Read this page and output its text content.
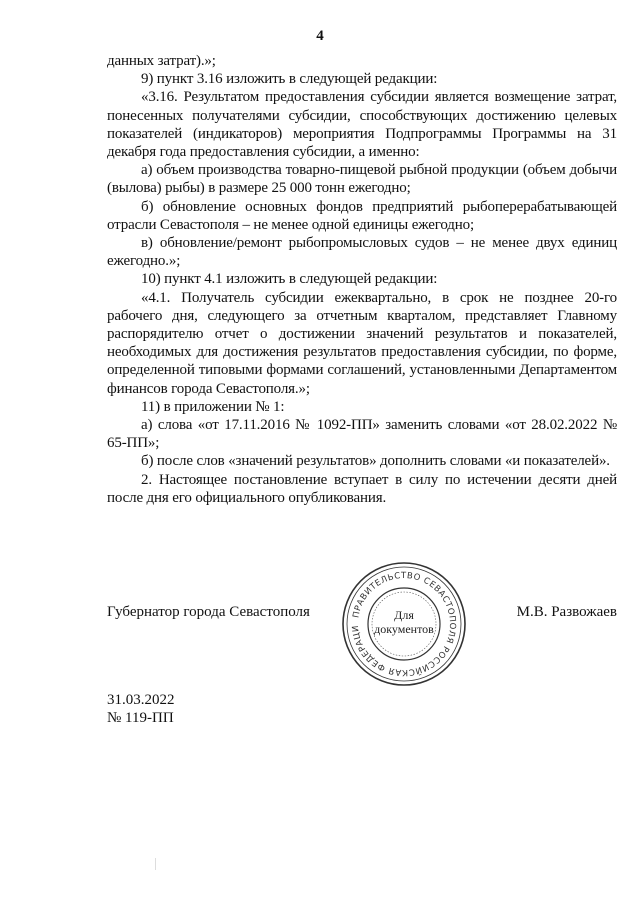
4

данных затрат).»;

9) пункт 3.16 изложить в следующей редакции:

«3.16. Результатом предоставления субсидии является возмещение затрат, понесенных получателями субсидии, способствующих достижению целевых показателей (индикаторов) мероприятия Подпрограммы Программы на 31 декабря года предоставления субсидии, а именно:

а) объем производства товарно-пищевой рыбной продукции (объем добычи (вылова) рыбы) в размере 25 000 тонн ежегодно;

б) обновление основных фондов предприятий рыбоперерабатывающей отрасли Севастополя – не менее одной единицы ежегодно;

в) обновление/ремонт рыбопромысловых судов – не менее двух единиц ежегодно.»;

10) пункт 4.1 изложить в следующей редакции:

«4.1. Получатель субсидии ежеквартально, в срок не позднее 20-го рабочего дня, следующего за отчетным кварталом, представляет Главному распорядителю отчет о достижении значений результатов и показателей, необходимых для достижения результатов предоставления субсидии, по форме, определенной типовыми формами соглашений, установленными Департаментом финансов города Севастополя.»;

11) в приложении № 1:

а) слова «от 17.11.2016 № 1092-ПП» заменить словами «от 28.02.2022 № 65-ПП»;

б) после слов «значений результатов» дополнить словами «и показателей».

2. Настоящее постановление вступает в силу по истечении десяти дней после дня его официального опубликования.

Губернатор города Севастополя	М.В. Развожаев
ПРАВИТЕЛЬСТВО СЕВАСТОПОЛЯ РОССИЙСКАЯ ФЕДЕРАЦИ
Для
документов
31.03.2022
№ 119-ПП
